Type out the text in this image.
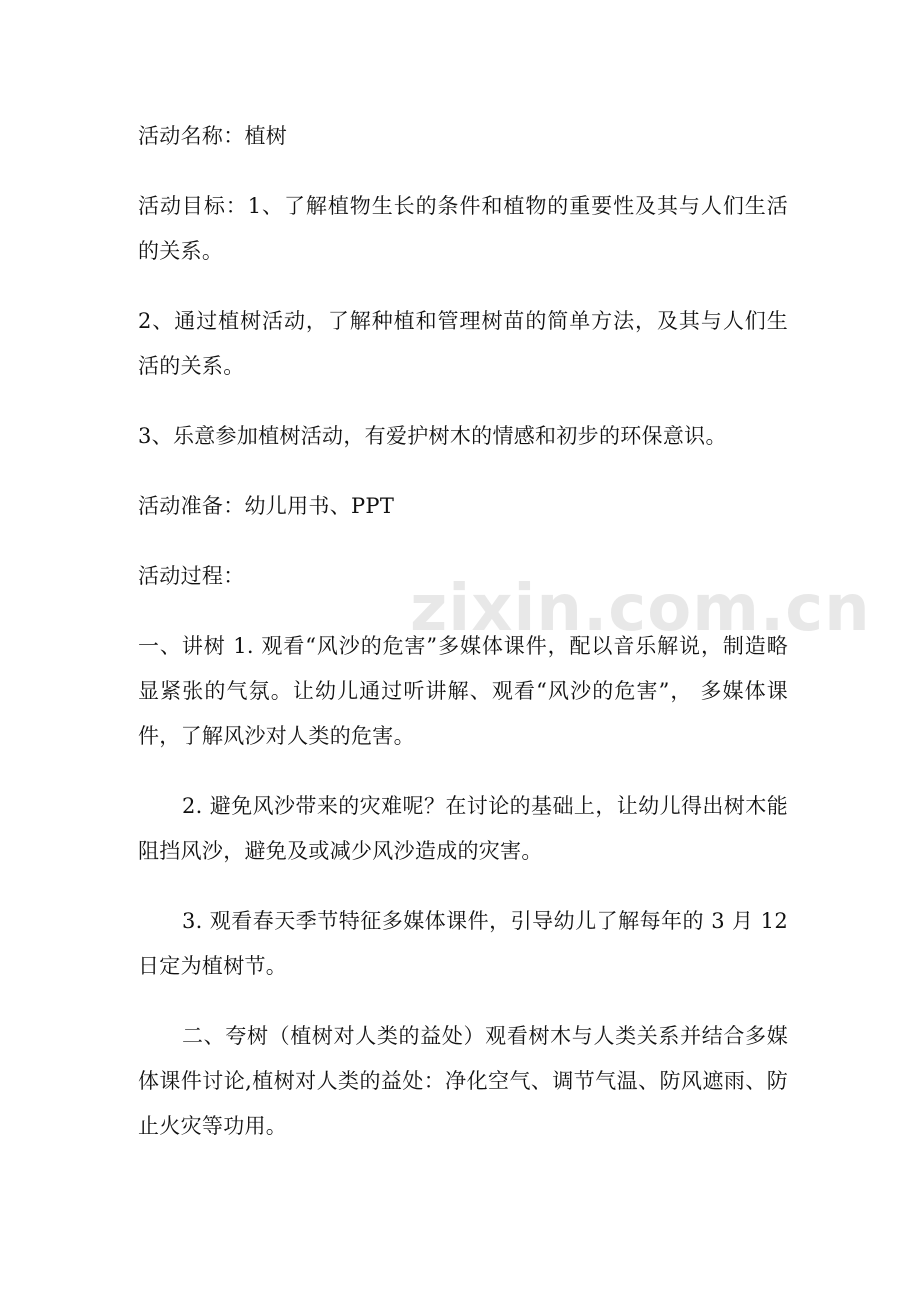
活动名称：植树

活动目标：1、了解植物生长的条件和植物的重要性及其与人们生活的关系。

2、通过植树活动，了解种植和管理树苗的简单方法，及其与人们生活的关系。

3、乐意参加植树活动，有爱护树木的情感和初步的环保意识。

活动准备：幼儿用书、PPT

活动过程：

一、讲树 1. 观看“风沙的危害”多媒体课件，配以音乐解说，制造略显紧张的气氛。让幼儿通过听讲解、观看“风沙的危害”， 多媒体课件，了解风沙对人类的危害。

2. 避免风沙带来的灾难呢？在讨论的基础上，让幼儿得出树木能阻挡风沙，避免及或减少风沙造成的灾害。

3. 观看春天季节特征多媒体课件，引导幼儿了解每年的 3 月 12 日定为植树节。

二、夸树（植树对人类的益处）观看树木与人类关系并结合多媒体课件讨论,植树对人类的益处：净化空气、调节气温、防风遮雨、防止火灾等功用。

zixin.com.cn
